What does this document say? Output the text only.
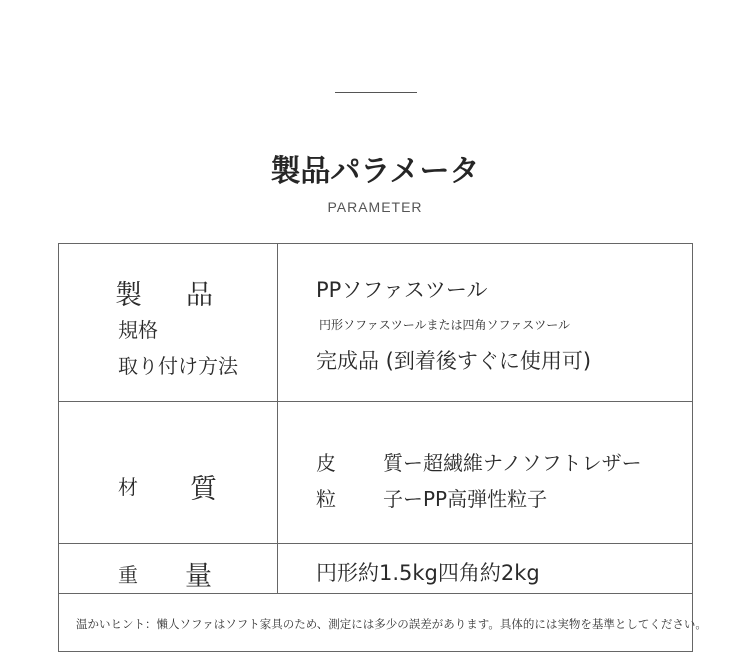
製品パラメータ
PARAMETER
製 品
規格
取り付け方法
PPソファスツール
円形ソファスツールまたは四角ソファスツール
完成品 (到着後すぐに使用可)
材 質
皮 質ー超繊維ナノソフトレザー
粒 子ーPP高弾性粒子
重 量	円形約1.5kg四角約2kg
温かいヒント：懶人ソファはソフト家具のため、測定には多少の誤差があります。具体的には実物を基準としてください。
